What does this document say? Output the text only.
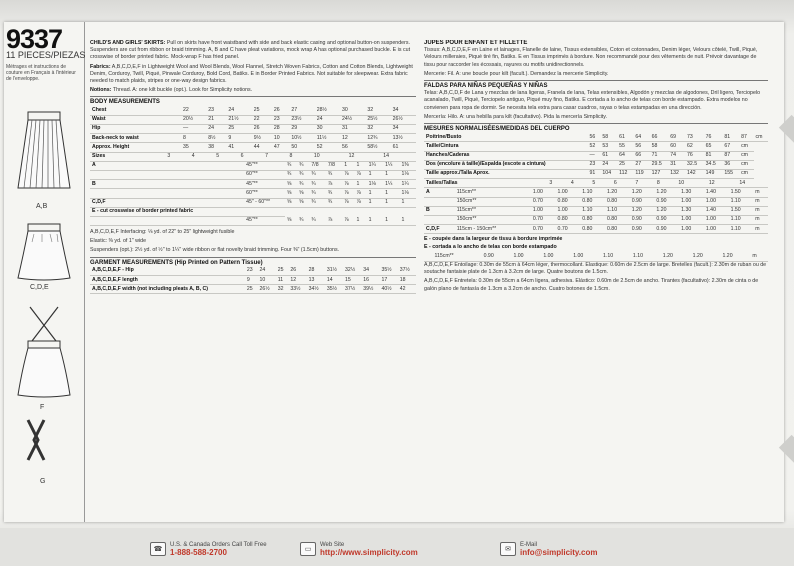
9337
11 PIECES/PIEZAS
Métrages et instructions de couture en Français à l'intérieur de l'enveloppe.
A,B
C,D,E
F
G

CHILD'S AND GIRLS' SKIRTS: Pull on skirts have front waistband with side and back elastic casing and optional button-on suspenders. Suspenders are cut from ribbon or braid trimming. A, B and C have pleat variations, mock wrap A has optional purchased buckle. E is cut crosswise of border printed fabric. Mock-wrap F has fried panel.

Fabrics: A,B,C,D,E,F in Lightweight Wool and Wool Blends, Wool Flannel, Stretch Woven Fabrics, Cotton and Cotton Blends, Lightweight Denim, Corduroy, Twill, Piqué, Pinwale Corduroy, Bold Cord, Batiks. E in Border Printed Fabrics. Not suitable for sleepwear. Extra fabric needed to match plaids, stripes or one-way design fabrics.

Notions: Thread. A: one kilt buckle (opt.). Look for Simplicity notions.

BODY MEASUREMENTS
Chest	22	23	24	25	26	27	28½	30	32	34
Waist	20½	21	21½	22	23	23½	24	24½	25½	26½
Hip	—	24	25	26	28	29	30	31	32	34
Back-neck to waist	8	8½	9	9½	10	10½	11½	12	12¾	13½
Approx. Height	35	38	41	44	47	50	52	56	58½	61
Sizes		3	4	5	6	7	8	10	12	14
A	45"**	¾	¾	7/8	7/8	1	1	1¼	1¼	1⅜
	60"**	¾	¾	¾	¾	⅞	⅞	1	1	1⅛
B	45"**	⅝	¾	¾	⅞	⅞	1	1⅛	1¼	1¼
	60"**	⅝	⅝	¾	¾	⅞	⅞	1	1	1⅛
C,D,F	45" - 60"**	⅝	⅝	¾	¾	⅞	⅞	1	1	1
E - cut crosswise of border printed fabric										
	45"**	⅝	¾	¾	⅞	⅞	1	1	1	1

A,B,C,D,E,F Interfacing: ⅛ yd. of 22" to 25" lightweight fusible

Elastic: ⅜ yd. of 1" wide

Suspenders (opt.): 2½ yd. of ½" to 1¼" wide ribbon or flat novelty braid trimming. Four ⅜" (1.5cm) buttons.

GARMENT MEASUREMENTS (Hip Printed on Pattern Tissue)
A,B,C,D,E,F - Hip	23	24	25	26	28	31½	32½	34	35½	37½
A,B,C,D,E,F length	9	10	11	12	13	14	15	16	17	18
A,B,C,D,E,F width (not including pleats A, B, C)	25	26½	32	33½	34½	35½	37½	39½	40½	42
JUPES POUR ENFANT ET FILLETTE

Tissus: A,B,C,D,E,F en Laine et lainages, Flanelle de laine, Tissus extensibles, Coton et cotonnades, Denim léger, Velours côtelé, Twill, Piqué, Velours milleraies, Piqué tiré fin, Batiks. E en Tissus imprimés à bordure. Non recommandé pour des vêtements de nuit. Prévoir davantage de tissu pour raccorder les écossais, rayures ou motifs unidirectionnels.

Mercerie: Fil. A: une boucle pour kilt (facult.). Demandez la mercerie Simplicity.

FALDAS PARA NIÑAS PEQUEÑAS Y NIÑAS

Telas: A,B,C,D,F de Lana y mezclas de lana ligeras, Franela de lana, Telas extensibles, Algodón y mezclas de algodones, Dril ligero, Terciopelo acanalado, Twill, Piqué, Terciopelo antiguo, Piqué muy fino, Batiks. E cortada a lo ancho de telas con borde estampado. Extra modelos no convienen para ropa de dormir. Se necesita tela extra para casar cuadros, rayas o telas estampadas en una dirección.

Mercería: Hilo. A: una hebilla para kilt (facultativo). Pida la mercería Simplicity.

MESURES NORMALISÉES/MEDIDAS DEL CUERPO
Poitrine/Busto	56	58	61	64	66	69	73	76	81	87	cm
Taille/Cintura	52	53	55	56	58	60	62	65	67	cm	
Hanches/Caderas	—	61	64	66	71	74	76	81	87	cm	
Dos (encolure à taille)/Espalda (escote a cintura)	23	24	25	27	29.5	31	32.5	34.5	36	cm	
Taille approx./Talla Aprox.	91	104	112	119	127	132	142	149	155	cm	
Tailles/Tallas		3	4	5	6	7	8	10	12	14
A	115cm**	1.00	1.00	1.10	1.20	1.20	1.20	1.30	1.40	1.50	m
	150cm**	0.70	0.80	0.80	0.80	0.90	0.90	1.00	1.00	1.10	m
B	115cm**	1.00	1.00	1.10	1.10	1.20	1.20	1.30	1.40	1.50	m
	150cm**	0.70	0.80	0.80	0.80	0.90	0.90	1.00	1.00	1.10	m
C,D,F	115cm - 150cm**	0.70	0.70	0.80	0.80	0.90	0.90	1.00	1.00	1.10	m

E - coupée dans la largeur de tissu à bordure imprimée
E - cortada a lo ancho de telas con borde estampado

	115cm**	0.90	1.00	1.00	1.00	1.10	1.10	1.20	1.20	1.20	m

A,B,C,D,E,F Entoilage: 0.30m de 55cm à 64cm léger, thermocollant. Elastique: 0.60m de 2.5cm de large. Bretelles (facult.): 2.30m de ruban ou de soutache fantaisie plate de 1.3cm à 3.2cm de large. Quatre boutons de 1.5cm.

A,B,C,D,E,F Entretela: 0.30m de 55cm a 64cm ligera, adhesiva. Elástico: 0.60m de 2.5cm de ancho. Tirantes (facultativo): 2.30m de cinta o de galón plano de fantasía de 1.3cm a 3.2cm de ancho. Cuatro botones de 1.5cm.

☎
U.S. & Canada Orders Call Toll Free
1-888-588-2700	▭
Web Site
http://www.simplicity.com	✉
E-Mail
info@simplicity.com
